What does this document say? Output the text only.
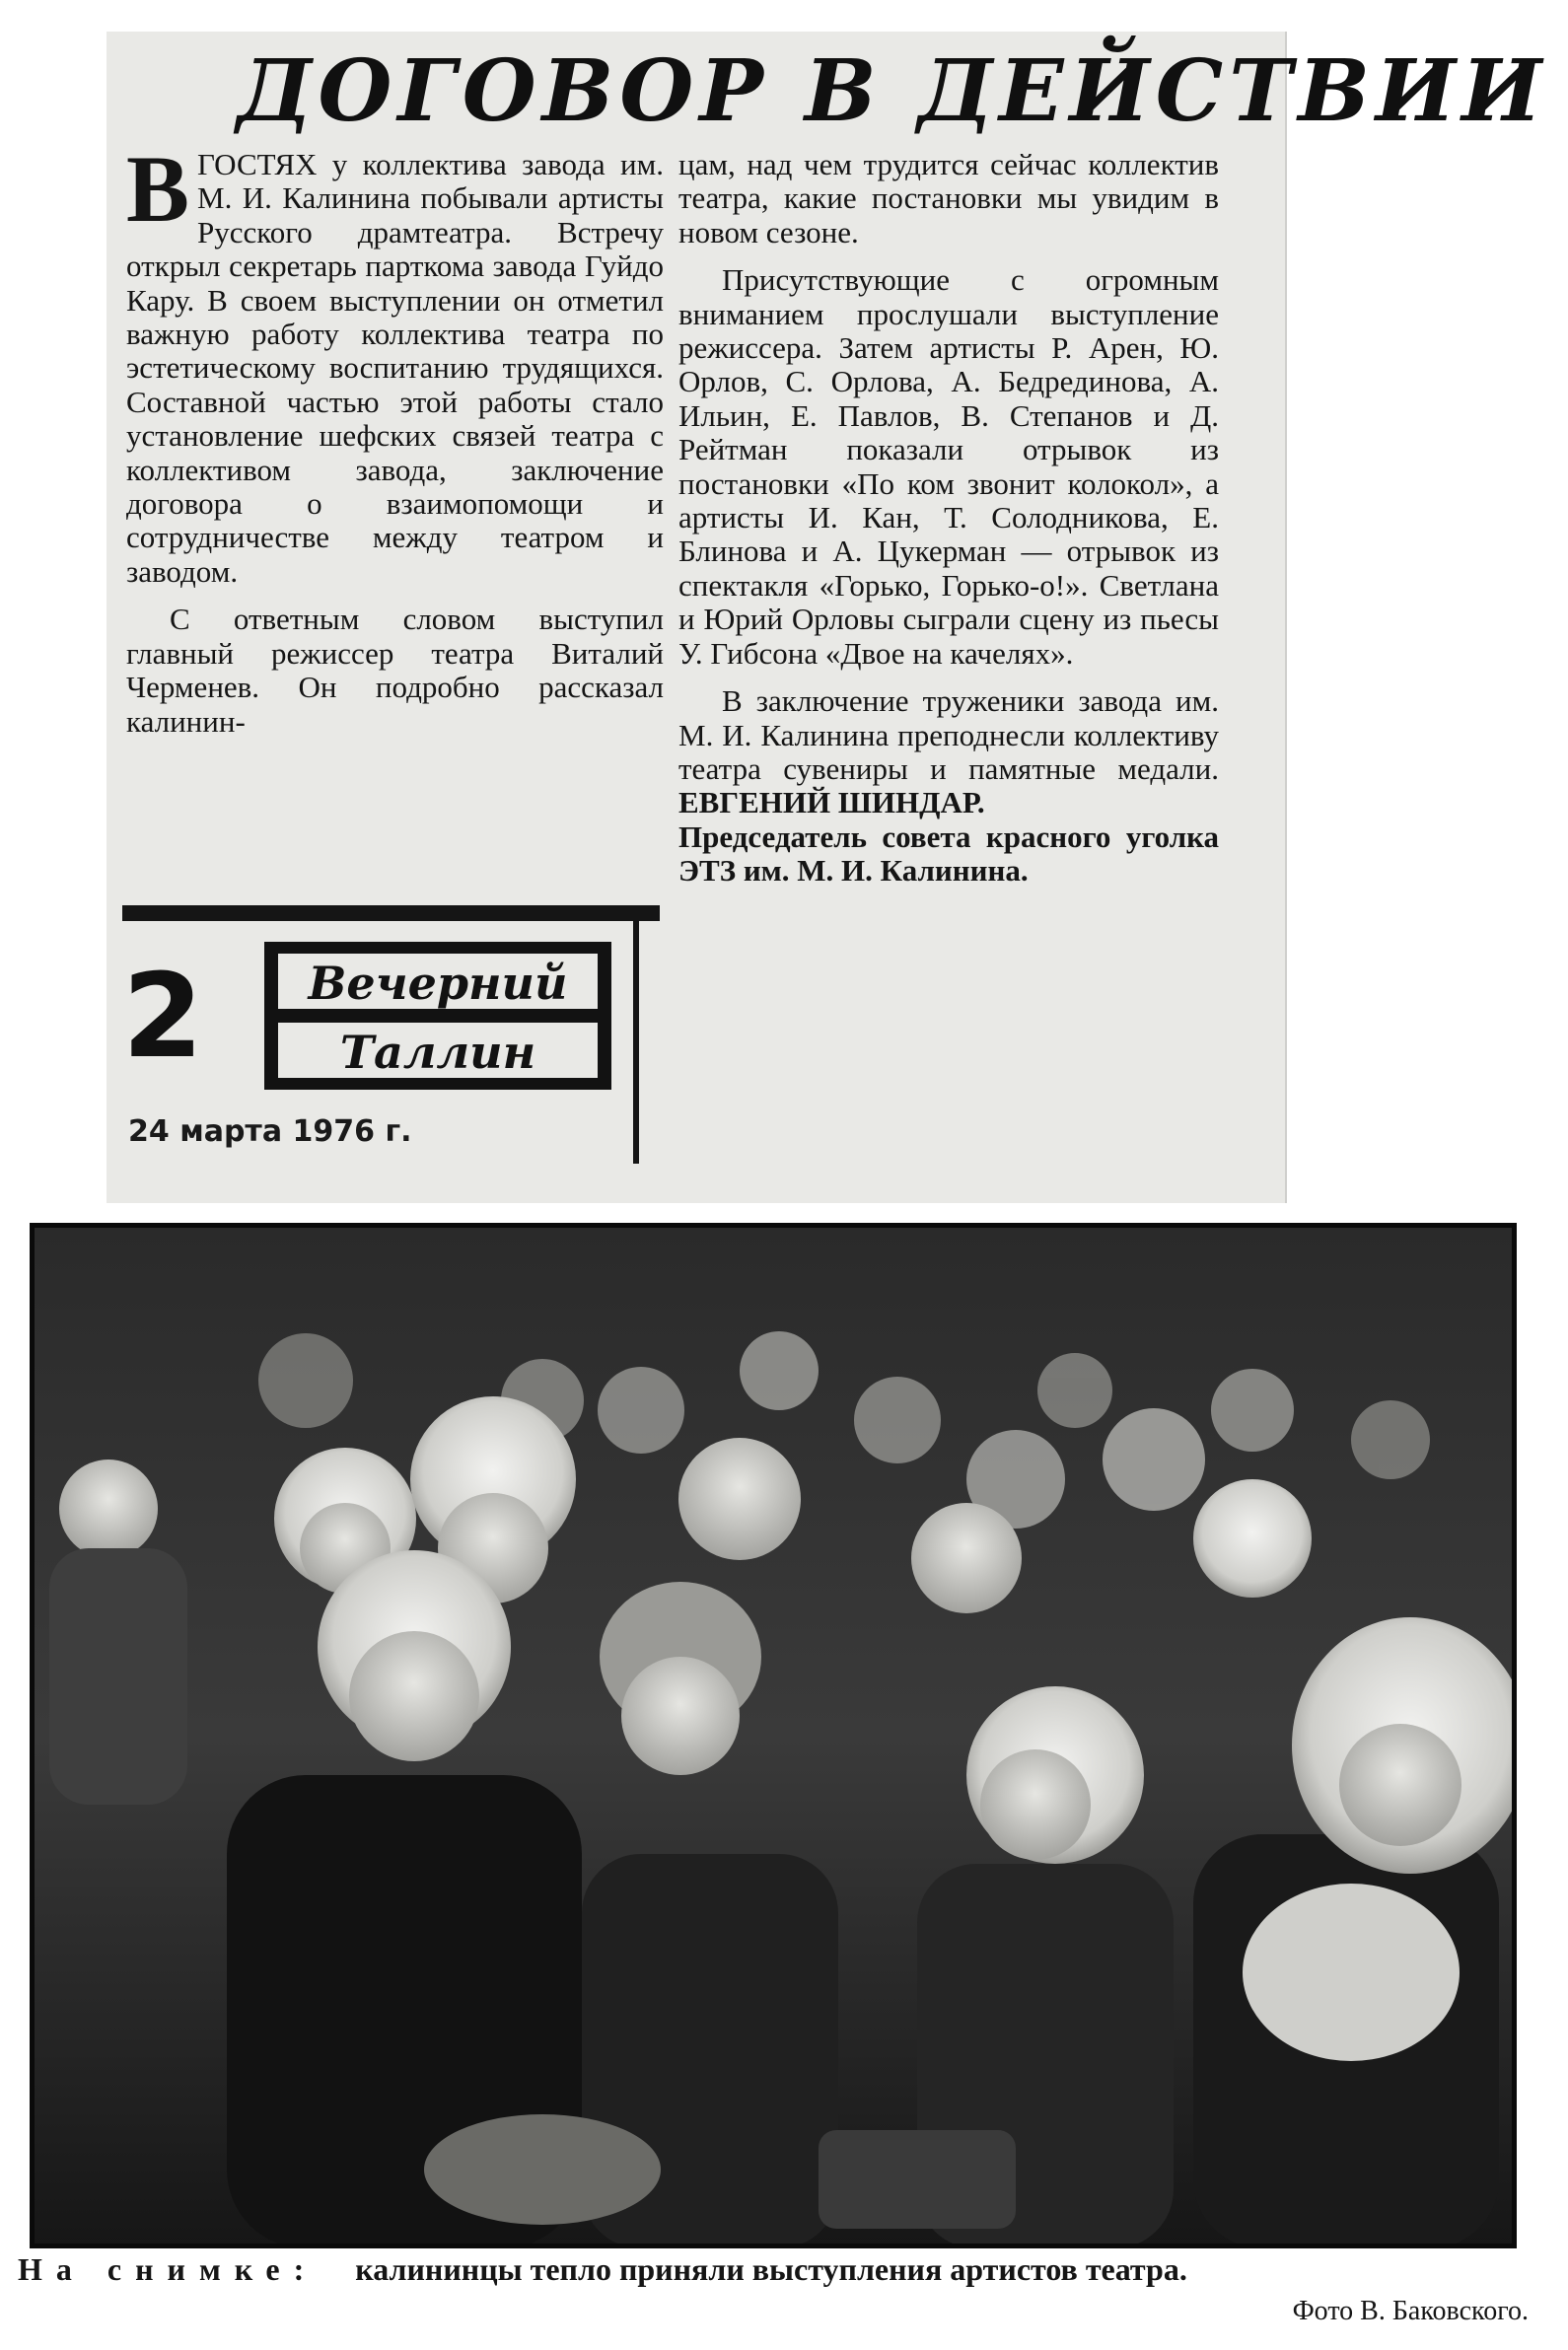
ДОГОВОР В ДЕЙСТВИИ

ВГОСТЯХ у коллектива завода им. М. И. Калинина побывали артисты Русского драмтеатра. Встречу открыл секретарь парткома завода Гуйдо Кару. В своем выступлении он отметил важную работу коллектива театра по эстетическому воспитанию трудящихся. Составной частью этой работы стало установление шефских связей театра с коллективом завода, заключение договора о взаимопомощи и сотрудничестве между театром и заводом.

С ответным словом выступил главный режиссер театра Виталий Черменев. Он подробно рассказал калинин-

цам, над чем трудится сейчас коллектив театра, какие постановки мы увидим в новом сезоне.

Присутствующие с огромным вниманием прослушали выступление режиссера. Затем артисты Р. Арен, Ю. Орлов, С. Орлова, А. Бедрединова, А. Ильин, Е. Павлов, В. Степанов и Д. Рейтман показали отрывок из постановки «По ком звонит колокол», а артисты И. Кан, Т. Солодникова, Е. Блинова и А. Цукерман — отрывок из спектакля «Горько, Горько-о!». Светлана и Юрий Орловы сыграли сцену из пьесы У. Гибсона «Двое на качелях».

В заключение труженики завода им. М. И. Калинина преподнесли коллективу театра сувениры и памятные медали. ЕВГЕНИЙ ШИНДАР.

Председатель совета красного уголка ЭТЗ им. М. И. Калинина.

2 Вечерний
Таллин
24 марта 1976 г.
На снимке: калининцы тепло приняли выступления артистов театра.
Фото В. Баковского.
